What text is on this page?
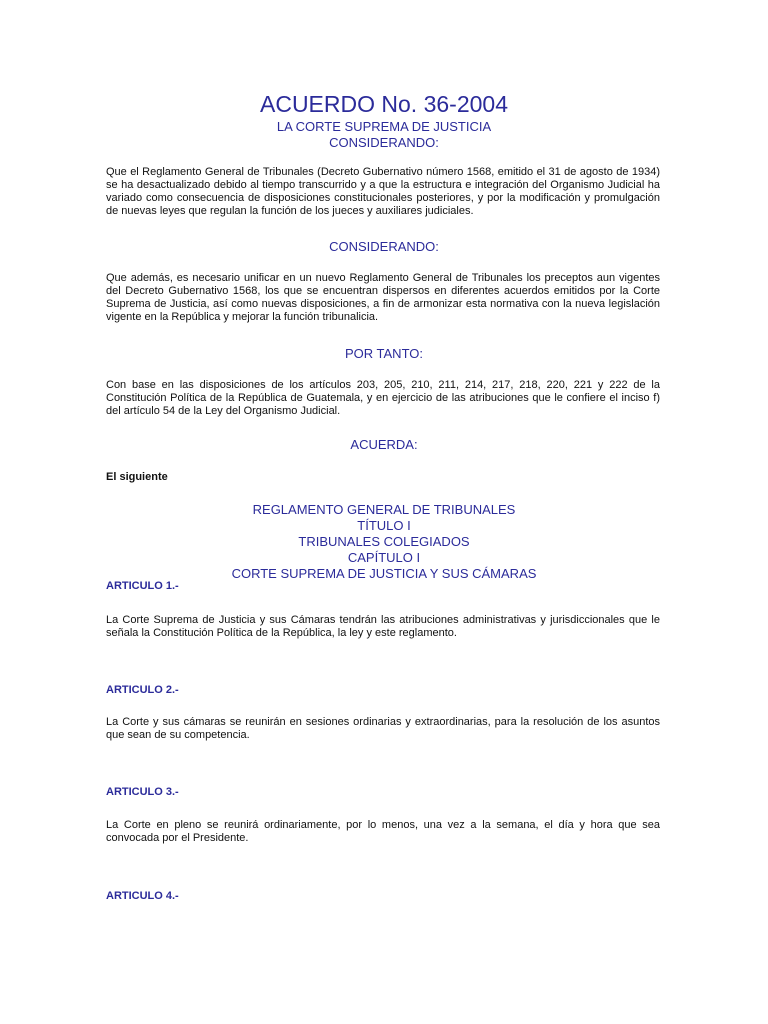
ACUERDO No. 36-2004
LA CORTE SUPREMA DE JUSTICIA
CONSIDERANDO:
Que el Reglamento General de Tribunales (Decreto Gubernativo número 1568, emitido el 31 de agosto de 1934) se ha desactualizado debido al tiempo transcurrido y a que la estructura e integración del Organismo Judicial ha variado como consecuencia de disposiciones constitucionales posteriores, y por la modificación y promulgación de nuevas leyes que regulan la función de los jueces y auxiliares judiciales.
CONSIDERANDO:
Que además, es necesario unificar en un nuevo Reglamento General de Tribunales los preceptos aun vigentes del Decreto Gubernativo 1568, los que se encuentran dispersos en diferentes acuerdos emitidos por la Corte Suprema de Justicia, así como nuevas disposiciones, a fin de armonizar esta normativa con la nueva legislación vigente en la República y mejorar la función tribunalicia.
POR TANTO:
Con base en las disposiciones de los artículos 203, 205, 210, 211, 214, 217, 218, 220, 221 y 222 de la Constitución Política de la República de Guatemala, y en ejercicio de las atribuciones que le confiere el inciso f) del artículo 54 de la Ley del Organismo Judicial.
ACUERDA:
El siguiente
REGLAMENTO GENERAL DE TRIBUNALES
TÍTULO I
TRIBUNALES COLEGIADOS
CAPÍTULO I
CORTE SUPREMA DE JUSTICIA Y SUS CÁMARAS
ARTICULO 1.-
La Corte Suprema de Justicia y sus Cámaras tendrán las atribuciones administrativas y jurisdiccionales que le señala la Constitución Política de la República, la ley y este reglamento.
ARTICULO 2.-
La Corte y sus cámaras se reunirán en sesiones ordinarias y extraordinarias, para la resolución de los asuntos que sean de su competencia.
ARTICULO 3.-
La Corte en pleno se reunirá ordinariamente, por lo menos, una vez a la semana, el día y hora que sea convocada por el Presidente.
ARTICULO 4.-
